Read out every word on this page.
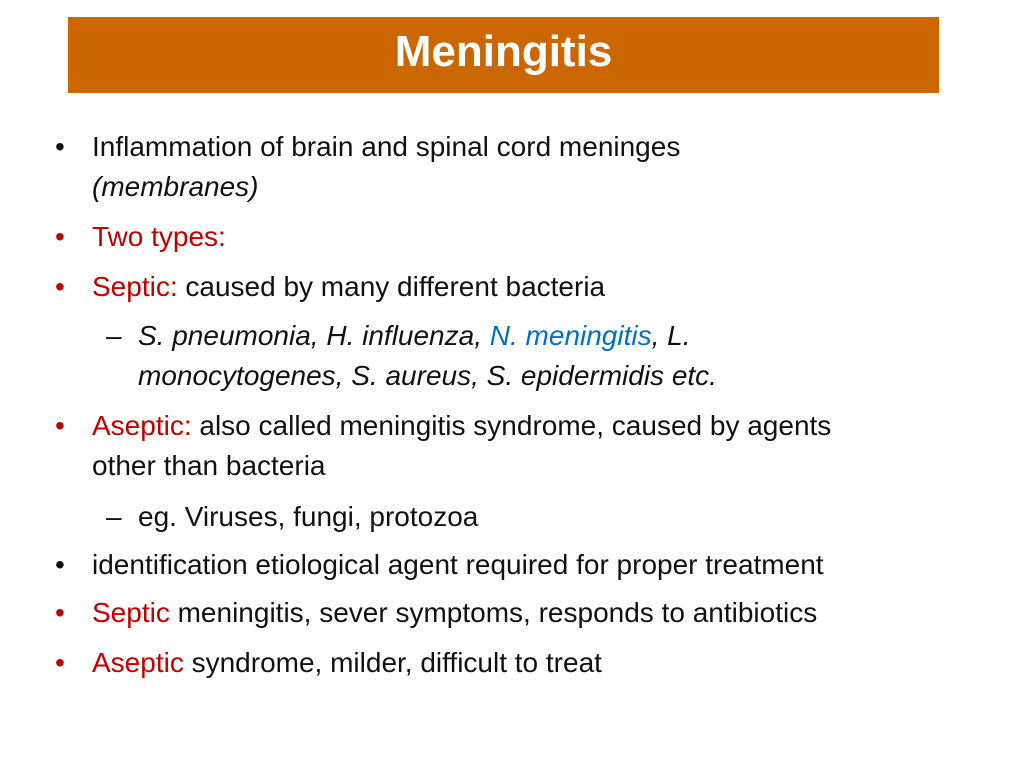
Meningitis
• Inflammation of brain and spinal cord meninges
(membranes)
• Two types:
• Septic: caused by many different bacteria
– S. pneumonia, H. influenza, N. meningitis, L.
monocytogenes, S. aureus, S. epidermidis etc.
• Aseptic: also called meningitis syndrome, caused by agents
other than bacteria
– eg. Viruses, fungi, protozoa
• identification etiological agent required for proper treatment
• Septic meningitis, sever symptoms, responds to antibiotics
• Aseptic syndrome, milder, difficult to treat
